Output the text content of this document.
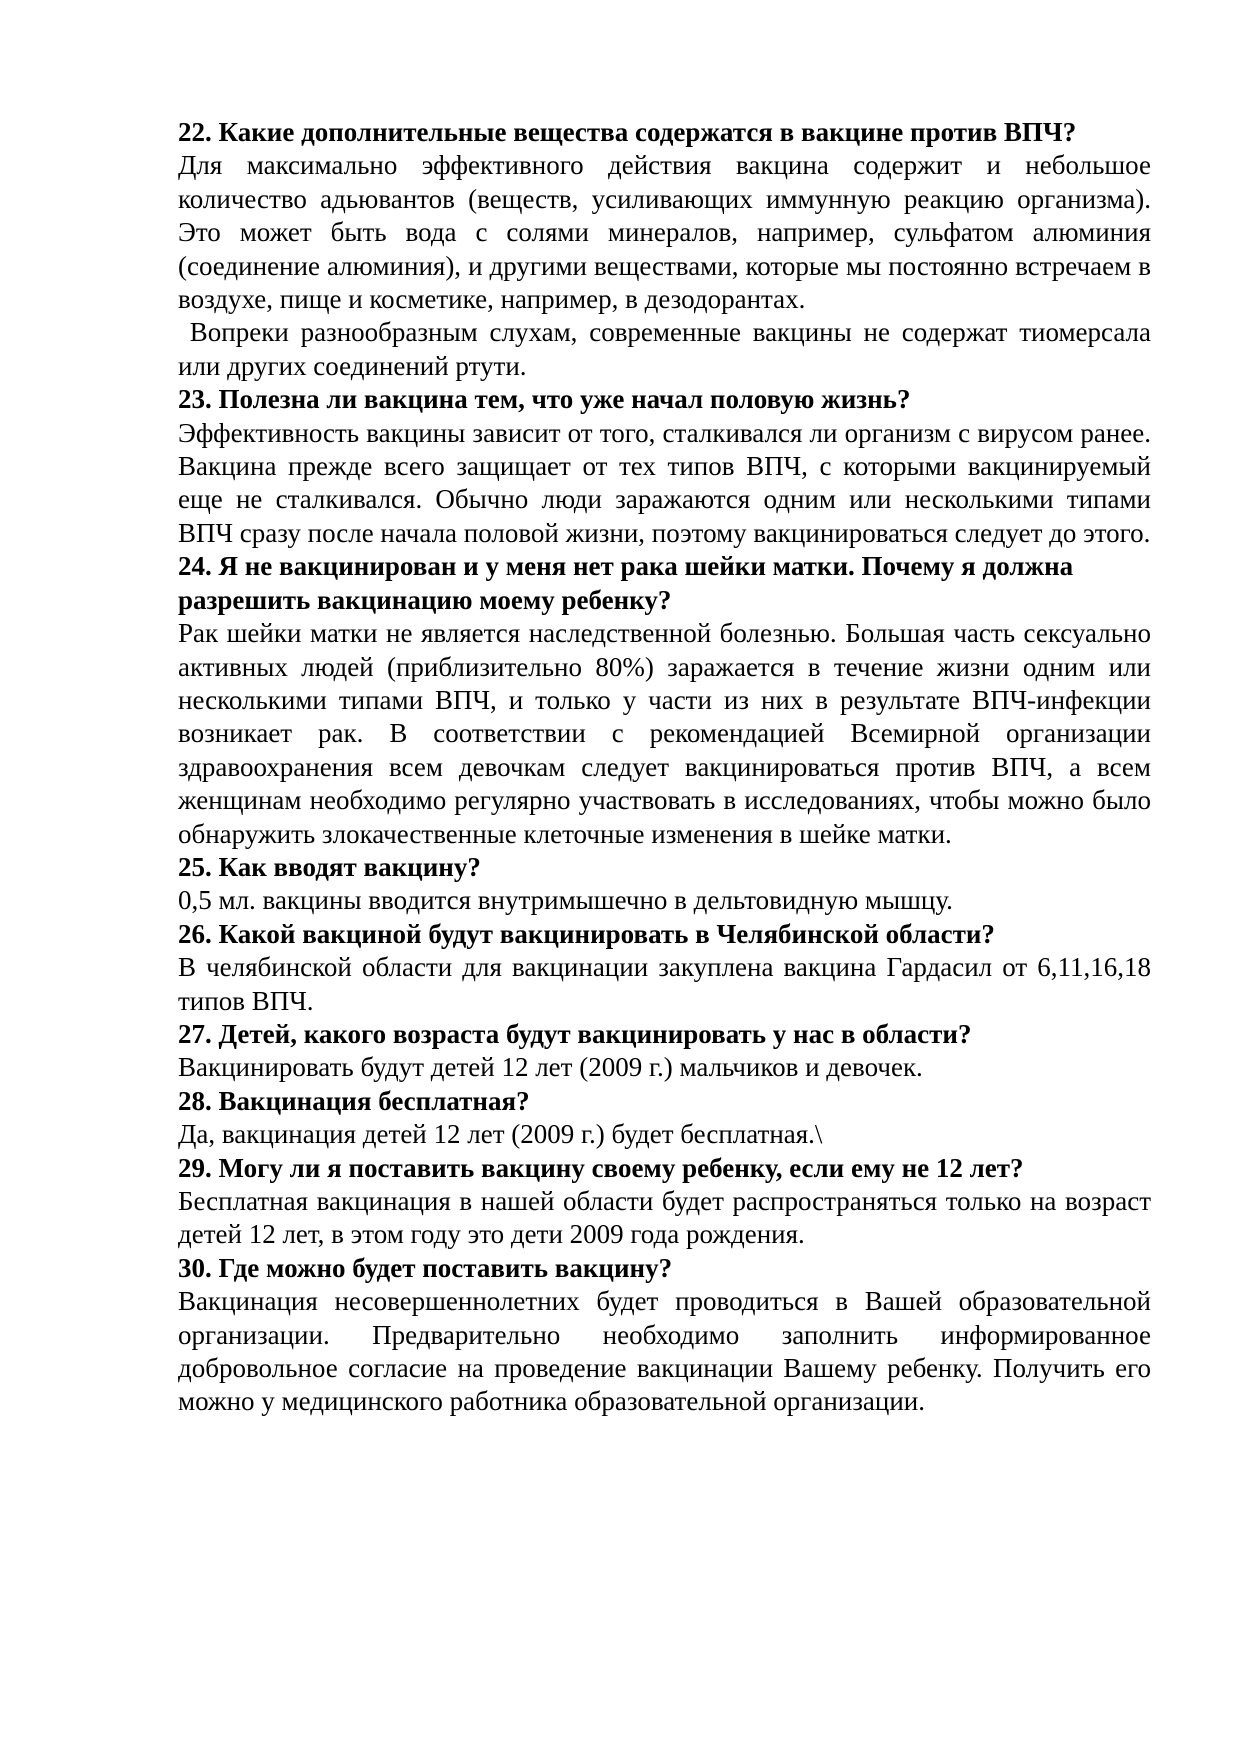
22. Какие дополнительные вещества содержатся в вакцине против ВПЧ?

Для максимально эффективного действия вакцина содержит и небольшое количество адьювантов (веществ, усиливающих иммунную реакцию организма). Это может быть вода с солями минералов, например, сульфатом алюминия (соединение алюминия), и другими веществами, которые мы постоянно встречаем в воздухе, пище и косметике, например, в дезодорантах.

Вопреки разнообразным слухам, современные вакцины не содержат тиомерсала или других соединений ртути.

23. Полезна ли вакцина тем, что уже начал половую жизнь?

Эффективность вакцины зависит от того, сталкивался ли организм с вирусом ранее. Вакцина прежде всего защищает от тех типов ВПЧ, с которыми вакцинируемый еще не сталкивался. Обычно люди заражаются одним или несколькими типами ВПЧ сразу после начала половой жизни, поэтому вакцинироваться следует до этого.

24. Я не вакцинирован и у меня нет рака шейки матки. Почему я должна разрешить вакцинацию моему ребенку?

Рак шейки матки не является наследственной болезнью. Большая часть сексуально активных людей (приблизительно 80%) заражается в течение жизни одним или несколькими типами ВПЧ, и только у части из них в результате ВПЧ-инфекции возникает рак. В соответствии с рекомендацией Всемирной организации здравоохранения всем девочкам следует вакцинироваться против ВПЧ, а всем женщинам необходимо регулярно участвовать в исследованиях, чтобы можно было обнаружить злокачественные клеточные изменения в шейке матки.

25. Как вводят вакцину?

0,5 мл. вакцины вводится внутримышечно в дельтовидную мышцу.

26. Какой вакциной будут вакцинировать в Челябинской области?

В челябинской области для вакцинации закуплена вакцина Гардасил от 6,11,16,18 типов ВПЧ.

27. Детей, какого возраста будут вакцинировать у нас в области?

Вакцинировать будут детей 12 лет (2009 г.) мальчиков и девочек.

28. Вакцинация бесплатная?

Да, вакцинация детей 12 лет (2009 г.) будет бесплатная.\

29. Могу ли я поставить вакцину своему ребенку, если ему не 12 лет?

Бесплатная вакцинация в нашей области будет распространяться только на возраст детей 12 лет, в этом году это дети 2009 года рождения.

30. Где можно будет поставить вакцину?

Вакцинация несовершеннолетних будет проводиться в Вашей образовательной организации. Предварительно необходимо заполнить информированное добровольное согласие на проведение вакцинации Вашему ребенку. Получить его можно у медицинского работника образовательной организации.
